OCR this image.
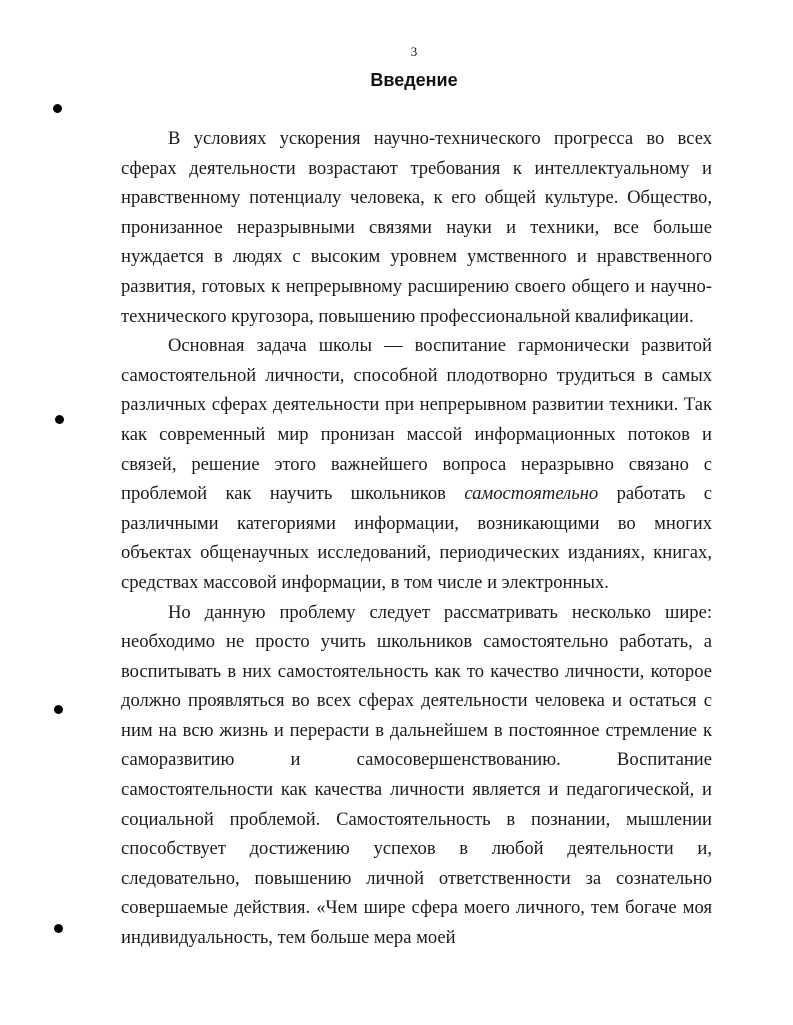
3
Введение

В условиях ускорения научно-технического прогресса во всех сферах деятельности возрастают требования к интеллектуальному и нравственному потенциалу человека, к его общей культуре. Общество, пронизанное неразрывными связями науки и техники, все больше нуждается в людях с высоким уровнем умственного и нравственного развития, готовых к непрерывному расширению своего общего и научно-технического кругозора, повышению профессиональной квалификации.

Основная задача школы — воспитание гармонически развитой самостоятельной личности, способной плодотворно трудиться в самых различных сферах деятельности при непрерывном развитии техники. Так как современный мир пронизан массой информационных потоков и связей, решение этого важнейшего вопроса неразрывно связано с проблемой как научить школьников самостоятельно работать с различными категориями информации, возникающими во многих объектах общенаучных исследований, периодических изданиях, книгах, средствах массовой информации, в том числе и электронных.

Но данную проблему следует рассматривать несколько шире: необходимо не просто учить школьников самостоятельно работать, а воспитывать в них самостоятельность как то качество личности, которое должно проявляться во всех сферах деятельности человека и остаться с ним на всю жизнь и перерасти в дальнейшем в постоянное стремление к саморазвитию и самосовершенствованию. Воспитание самостоятельности как качества личности является и педагогической, и социальной проблемой. Самостоятельность в познании, мышлении способствует достижению успехов в любой деятельности и, следовательно, повышению личной ответственности за сознательно совершаемые действия. «Чем шире сфера моего личного, тем богаче моя индивидуальность, тем больше мера моей
